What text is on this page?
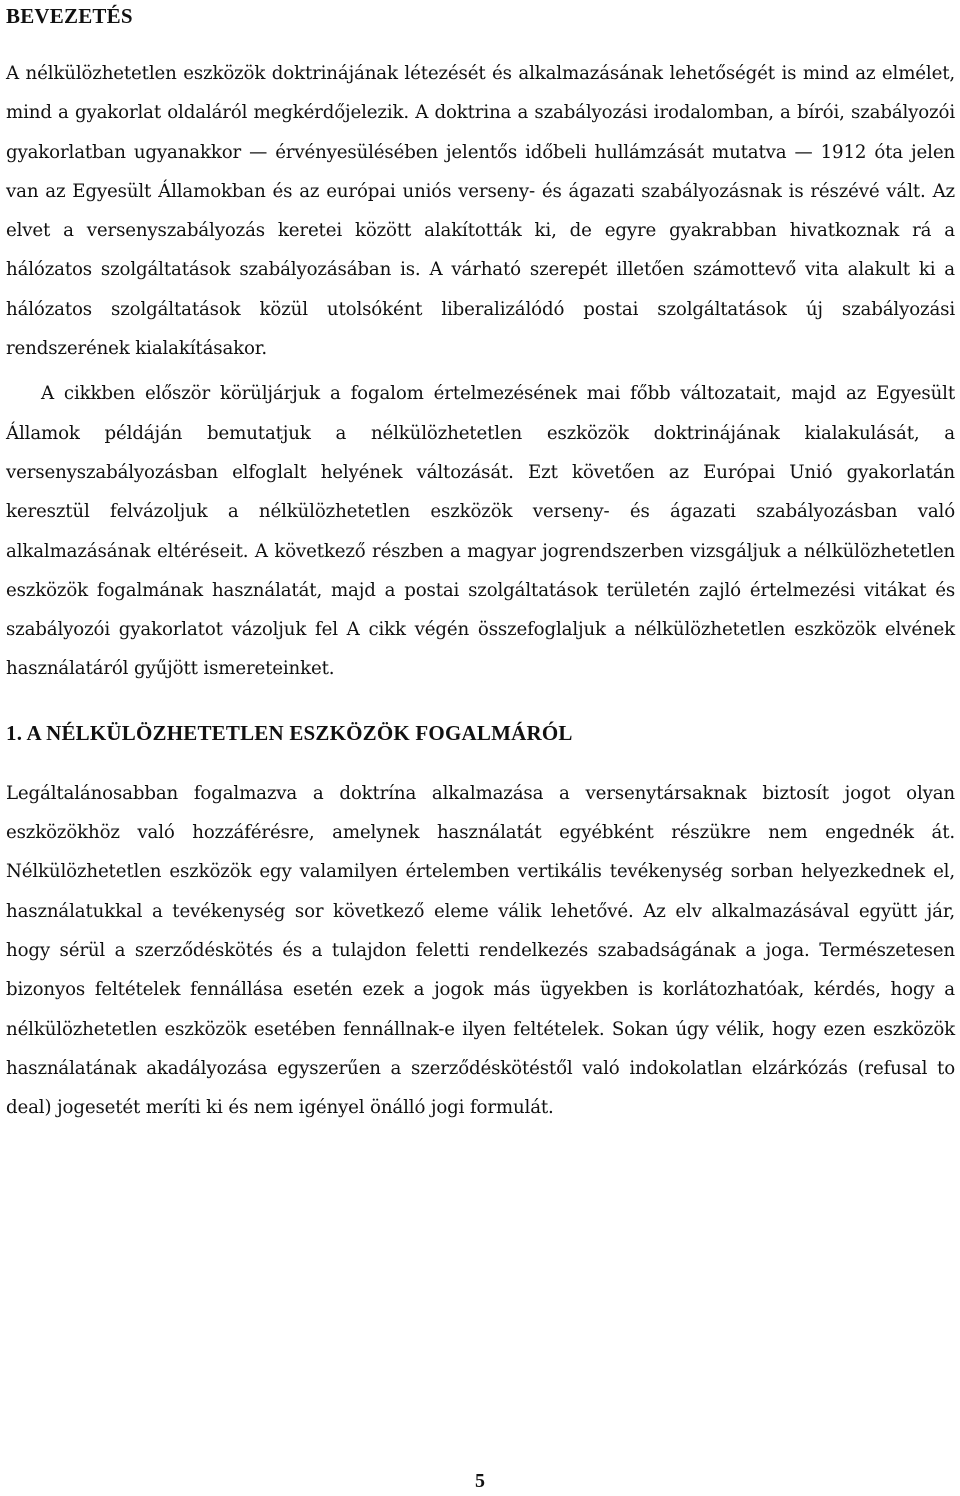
BEVEZETÉS

A nélkülözhetetlen eszközök doktrinájának létezését és alkalmazásának lehetőségét is mind az elmélet, mind a gyakorlat oldaláról megkérdőjelezik. A doktrina a szabályozási irodalomban, a bírói, szabályozói gyakorlatban ugyanakkor — érvényesülésében jelentős időbeli hullámzását mutatva — 1912 óta jelen van az Egyesült Államokban és az európai uniós verseny- és ágazati szabályozásnak is részévé vált. Az elvet a versenyszabályozás keretei között alakították ki, de egyre gyakrabban hivatkoznak rá a hálózatos szolgáltatások szabályozásában is. A várható szerepét illetően számottevő vita alakult ki a hálózatos szolgáltatások közül utolsóként liberalizálódó postai szolgáltatások új szabályozási rendszerének kialakításakor.

A cikkben először körüljárjuk a fogalom értelmezésének mai főbb változatait, majd az Egyesült Államok példáján bemutatjuk a nélkülözhetetlen eszközök doktrinájának kialakulását, a versenyszabályozásban elfoglalt helyének változását. Ezt követően az Európai Unió gyakorlatán keresztül felvázoljuk a nélkülözhetetlen eszközök verseny- és ágazati szabályozásban való alkalmazásának eltéréseit. A következő részben a magyar jogrendszerben vizsgáljuk a nélkülözhetetlen eszközök fogalmának használatát, majd a postai szolgáltatások területén zajló értelmezési vitákat és szabályozói gyakorlatot vázoljuk fel A cikk végén összefoglaljuk a nélkülözhetetlen eszközök elvének használatáról gyűjött ismereteinket.

1. A NÉLKÜLÖZHETETLEN ESZKÖZÖK FOGALMÁRÓL

Legáltalánosabban fogalmazva a doktrína alkalmazása a versenytársaknak biztosít jogot olyan eszközökhöz való hozzáférésre, amelynek használatát egyébként részükre nem engednék át. Nélkülözhetetlen eszközök egy valamilyen értelemben vertikális tevékenység sorban helyezkednek el, használatukkal a tevékenység sor következő eleme válik lehetővé. Az elv alkalmazásával együtt jár, hogy sérül a szerződéskötés és a tulajdon feletti rendelkezés szabadságának a joga. Természetesen bizonyos feltételek fennállása esetén ezek a jogok más ügyekben is korlátozhatóak, kérdés, hogy a nélkülözhetetlen eszközök esetében fennállnak-e ilyen feltételek. Sokan úgy vélik, hogy ezen eszközök használatának akadályozása egyszerűen a szerződéskötéstől való indokolatlan elzárkózás (refusal to deal) jogesetét meríti ki és nem igényel önálló jogi formulát.

5
